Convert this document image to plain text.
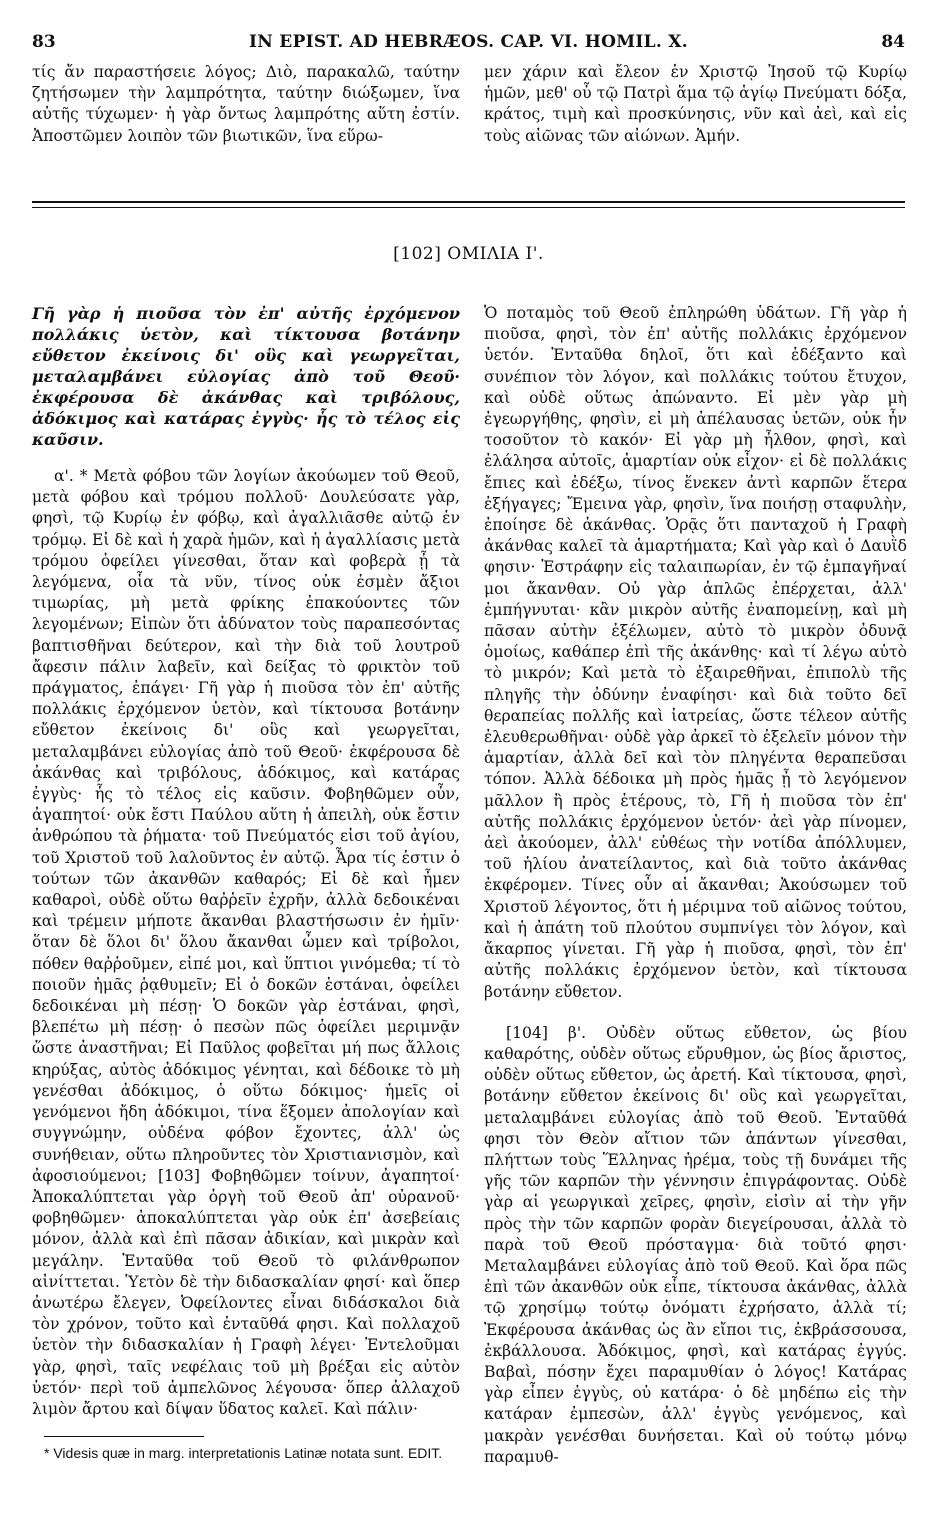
83	IN EPIST. AD HEBRÆOS. CAP. VI. HOMIL. X.	84

τίς ἄν παραστήσειε λόγος; Διὸ, παρακαλῶ, ταύτην ζητήσωμεν τὴν λαμπρότητα, ταύτην διώξωμεν, ἵνα αὐτῆς τύχωμεν· ἡ γὰρ ὄντως λαμπρότης αὕτη ἐστίν. Ἀποστῶμεν λοιπὸν τῶν βιωτικῶν, ἵνα εὕρω-

μεν χάριν καὶ ἔλεον ἐν Χριστῷ Ἰησοῦ τῷ Κυρίῳ ἡμῶν, μεθ' οὗ τῷ Πατρὶ ἅμα τῷ ἁγίῳ Πνεύματι δόξα, κράτος, τιμὴ καὶ προσκύνησις, νῦν καὶ ἀεὶ, καὶ εἰς τοὺς αἰῶνας τῶν αἰώνων. Ἀμήν.

[102] ΟΜΙΛΙΑ Ι'.

Γῆ γὰρ ἡ πιοῦσα τὸν ἐπ' αὐτῆς ἐρχόμενον πολλάκις ὑετὸν, καὶ τίκτουσα βοτάνην εὔθετον ἐκείνοις δι' οὓς καὶ γεωργεῖται, μεταλαμβάνει εὐλογίας ἀπὸ τοῦ Θεοῦ· ἐκφέρουσα δὲ ἀκάνθας καὶ τριβόλους, ἀδόκιμος καὶ κατάρας ἐγγὺς· ἧς τὸ τέλος εἰς καῦσιν.

α'. * Μετὰ φόβου τῶν λογίων ἀκούωμεν τοῦ Θεοῦ, μετὰ φόβου καὶ τρόμου πολλοῦ· Δουλεύσατε γὰρ, φησὶ, τῷ Κυρίῳ ἐν φόβῳ, καὶ ἀγαλλιᾶσθε αὐτῷ ἐν τρόμῳ. Εἰ δὲ καὶ ἡ χαρὰ ἡμῶν, καὶ ἡ ἀγαλλίασις μετὰ τρόμου ὀφείλει γίνεσθαι, ὅταν καὶ φοβερὰ ᾖ τὰ λεγόμενα, οἷα τὰ νῦν, τίνος οὐκ ἐσμὲν ἄξιοι τιμωρίας, μὴ μετὰ φρίκης ἐπακούοντες τῶν λεγομένων; Εἰπὼν ὅτι ἀδύνατον τοὺς παραπεσόντας βαπτισθῆναι δεύτερον, καὶ τὴν διὰ τοῦ λουτροῦ ἄφεσιν πάλιν λαβεῖν, καὶ δείξας τὸ φρικτὸν τοῦ πράγματος, ἐπάγει· Γῆ γὰρ ἡ πιοῦσα τὸν ἐπ' αὐτῆς πολλάκις ἐρχόμενον ὑετὸν, καὶ τίκτουσα βοτάνην εὔθετον ἐκείνοις δι' οὓς καὶ γεωργεῖται, μεταλαμβάνει εὐλογίας ἀπὸ τοῦ Θεοῦ· ἐκφέρουσα δὲ ἀκάνθας καὶ τριβόλους, ἀδόκιμος, καὶ κατάρας ἐγγὺς· ἧς τὸ τέλος εἰς καῦσιν. Φοβηθῶμεν οὖν, ἀγαπητοί· οὐκ ἔστι Παύλου αὕτη ἡ ἀπειλὴ, οὐκ ἔστιν ἀνθρώπου τὰ ῥήματα· τοῦ Πνεύματός εἰσι τοῦ ἁγίου, τοῦ Χριστοῦ τοῦ λαλοῦντος ἐν αὐτῷ. Ἆρα τίς ἐστιν ὁ τούτων τῶν ἀκανθῶν καθαρός; Εἰ δὲ καὶ ἦμεν καθαροὶ, οὐδὲ οὕτω θαῤῥεῖν ἐχρῆν, ἀλλὰ δεδοικέναι καὶ τρέμειν μήποτε ἄκανθαι βλαστήσωσιν ἐν ἡμῖν· ὅταν δὲ ὅλοι δι' ὅλου ἄκανθαι ὦμεν καὶ τρίβολοι, πόθεν θαῤῥοῦμεν, εἰπέ μοι, καὶ ὕπτιοι γινόμεθα; τί τὸ ποιοῦν ἡμᾶς ῥᾳθυμεῖν; Εἰ ὁ δοκῶν ἑστάναι, ὀφείλει δεδοικέναι μὴ πέσῃ· Ὁ δοκῶν γὰρ ἑστάναι, φησὶ, βλεπέτω μὴ πέσῃ· ὁ πεσὼν πῶς ὀφείλει μεριμνᾷν ὥστε ἀναστῆναι; Εἰ Παῦλος φοβεῖται μή πως ἄλλοις κηρύξας, αὐτὸς ἀδόκιμος γένηται, καὶ δέδοικε τὸ μὴ γενέσθαι ἀδόκιμος, ὁ οὕτω δόκιμος· ἡμεῖς οἱ γενόμενοι ἤδη ἀδόκιμοι, τίνα ἕξομεν ἀπολογίαν καὶ συγγνώμην, οὐδένα φόβον ἔχοντες, ἀλλ' ὡς συνήθειαν, οὕτω πληροῦντες τὸν Χριστιανισμὸν, καὶ ἀφοσιούμενοι; [103] Φοβηθῶμεν τοίνυν, ἀγαπητοί· Ἀποκαλύπτεται γὰρ ὀργὴ τοῦ Θεοῦ ἀπ' οὐρανοῦ· φοβηθῶμεν· ἀποκαλύπτεται γὰρ οὐκ ἐπ' ἀσεβείαις μόνον, ἀλλὰ καὶ ἐπὶ πᾶσαν ἀδικίαν, καὶ μικρὰν καὶ μεγάλην. Ἐνταῦθα τοῦ Θεοῦ τὸ φιλάνθρωπον αἰνίττεται. Ὑετὸν δὲ τὴν διδασκαλίαν φησί· καὶ ὅπερ ἀνωτέρω ἔλεγεν, Ὀφείλοντες εἶναι διδάσκαλοι διὰ τὸν χρόνον, τοῦτο καὶ ἐνταῦθά φησι. Καὶ πολλαχοῦ ὑετὸν τὴν διδασκαλίαν ἡ Γραφὴ λέγει· Ἐντελοῦμαι γὰρ, φησὶ, ταῖς νεφέλαις τοῦ μὴ βρέξαι εἰς αὐτὸν ὑετόν· περὶ τοῦ ἀμπελῶνος λέγουσα· ὅπερ ἀλλαχοῦ λιμὸν ἄρτου καὶ δίψαν ὕδατος καλεῖ. Καὶ πάλιν·

Ὁ ποταμὸς τοῦ Θεοῦ ἐπληρώθη ὑδάτων. Γῆ γὰρ ἡ πιοῦσα, φησὶ, τὸν ἐπ' αὐτῆς πολλάκις ἐρχόμενον ὑετόν. Ἐνταῦθα δηλοῖ, ὅτι καὶ ἐδέξαντο καὶ συνέπιον τὸν λόγον, καὶ πολλάκις τούτου ἔτυχον, καὶ οὐδὲ οὕτως ἀπώναντο. Εἰ μὲν γὰρ μὴ ἐγεωργήθης, φησὶν, εἰ μὴ ἀπέλαυσας ὑετῶν, οὐκ ἦν τοσοῦτον τὸ κακόν· Εἰ γὰρ μὴ ἦλθον, φησὶ, καὶ ἐλάλησα αὐτοῖς, ἁμαρτίαν οὐκ εἶχον· εἰ δὲ πολλάκις ἔπιες καὶ ἐδέξω, τίνος ἕνεκεν ἀντὶ καρπῶν ἕτερα ἐξήγαγες; Ἔμεινα γὰρ, φησὶν, ἵνα ποιήσῃ σταφυλὴν, ἐποίησε δὲ ἀκάνθας. Ὁρᾷς ὅτι πανταχοῦ ἡ Γραφὴ ἀκάνθας καλεῖ τὰ ἁμαρτήματα; Καὶ γὰρ καὶ ὁ Δαυῒδ φησιν· Ἐστράφην εἰς ταλαιπωρίαν, ἐν τῷ ἐμπαγῆναί μοι ἄκανθαν. Οὐ γὰρ ἁπλῶς ἐπέρχεται, ἀλλ' ἐμπήγνυται· κἂν μικρὸν αὐτῆς ἐναπομείνῃ, καὶ μὴ πᾶσαν αὐτὴν ἐξέλωμεν, αὐτὸ τὸ μικρὸν ὀδυνᾷ ὁμοίως, καθάπερ ἐπὶ τῆς ἀκάνθης· καὶ τί λέγω αὐτὸ τὸ μικρόν; Καὶ μετὰ τὸ ἐξαιρεθῆναι, ἐπιπολὺ τῆς πληγῆς τὴν ὀδύνην ἐναφίησι· καὶ διὰ τοῦτο δεῖ θεραπείας πολλῆς καὶ ἰατρείας, ὥστε τέλεον αὐτῆς ἐλευθερωθῆναι· οὐδὲ γὰρ ἀρκεῖ τὸ ἐξελεῖν μόνον τὴν ἁμαρτίαν, ἀλλὰ δεῖ καὶ τὸν πληγέντα θεραπεῦσαι τόπον. Ἀλλὰ δέδοικα μὴ πρὸς ἡμᾶς ᾖ τὸ λεγόμενον μᾶλλον ἢ πρὸς ἑτέρους, τὸ, Γῆ ἡ πιοῦσα τὸν ἐπ' αὐτῆς πολλάκις ἐρχόμενον ὑετόν· ἀεὶ γὰρ πίνομεν, ἀεὶ ἀκούομεν, ἀλλ' εὐθέως τὴν νοτίδα ἀπόλλυμεν, τοῦ ἡλίου ἀνατείλαντος, καὶ διὰ τοῦτο ἀκάνθας ἐκφέρομεν. Τίνες οὖν αἱ ἄκανθαι; Ἀκούσωμεν τοῦ Χριστοῦ λέγοντος, ὅτι ἡ μέριμνα τοῦ αἰῶνος τούτου, καὶ ἡ ἀπάτη τοῦ πλούτου συμπνίγει τὸν λόγον, καὶ ἄκαρπος γίνεται. Γῆ γὰρ ἡ πιοῦσα, φησὶ, τὸν ἐπ' αὐτῆς πολλάκις ἐρχόμενον ὑετὸν, καὶ τίκτουσα βοτάνην εὔθετον.

[104] β'. Οὐδὲν οὕτως εὔθετον, ὡς βίου καθαρότης, οὐδὲν οὕτως εὔρυθμον, ὡς βίος ἄριστος, οὐδὲν οὕτως εὔθετον, ὡς ἀρετή. Καὶ τίκτουσα, φησὶ, βοτάνην εὔθετον ἐκείνοις δι' οὓς καὶ γεωργεῖται, μεταλαμβάνει εὐλογίας ἀπὸ τοῦ Θεοῦ. Ἐνταῦθά φησι τὸν Θεὸν αἴτιον τῶν ἁπάντων γίνεσθαι, πλήττων τοὺς Ἕλληνας ἠρέμα, τοὺς τῇ δυνάμει τῆς γῆς τῶν καρπῶν τὴν γέννησιν ἐπιγράφοντας. Οὐδὲ γὰρ αἱ γεωργικαὶ χεῖρες, φησὶν, εἰσὶν αἱ τὴν γῆν πρὸς τὴν τῶν καρπῶν φορὰν διεγείρουσαι, ἀλλὰ τὸ παρὰ τοῦ Θεοῦ πρόσταγμα· διὰ τοῦτό φησι· Μεταλαμβάνει εὐλογίας ἀπὸ τοῦ Θεοῦ. Καὶ ὅρα πῶς ἐπὶ τῶν ἀκανθῶν οὐκ εἶπε, τίκτουσα ἀκάνθας, ἀλλὰ τῷ χρησίμῳ τούτῳ ὀνόματι ἐχρήσατο, ἀλλὰ τί; Ἐκφέρουσα ἀκάνθας ὡς ἂν εἴποι τις, ἐκβράσσουσα, ἐκβάλλουσα. Ἀδόκιμος, φησὶ, καὶ κατάρας ἐγγύς. Βαβαὶ, πόσην ἔχει παραμυθίαν ὁ λόγος! Κατάρας γὰρ εἶπεν ἐγγὺς, οὐ κατάρα· ὁ δὲ μηδέπω εἰς τὴν κατάραν ἐμπεσὼν, ἀλλ' ἐγγὺς γενόμενος, καὶ μακρὰν γενέσθαι δυνήσεται. Καὶ οὐ τούτῳ μόνῳ παραμυθ-

* Videsis quæ in marg. interpretationis Latinæ notata sunt. EDIT.
